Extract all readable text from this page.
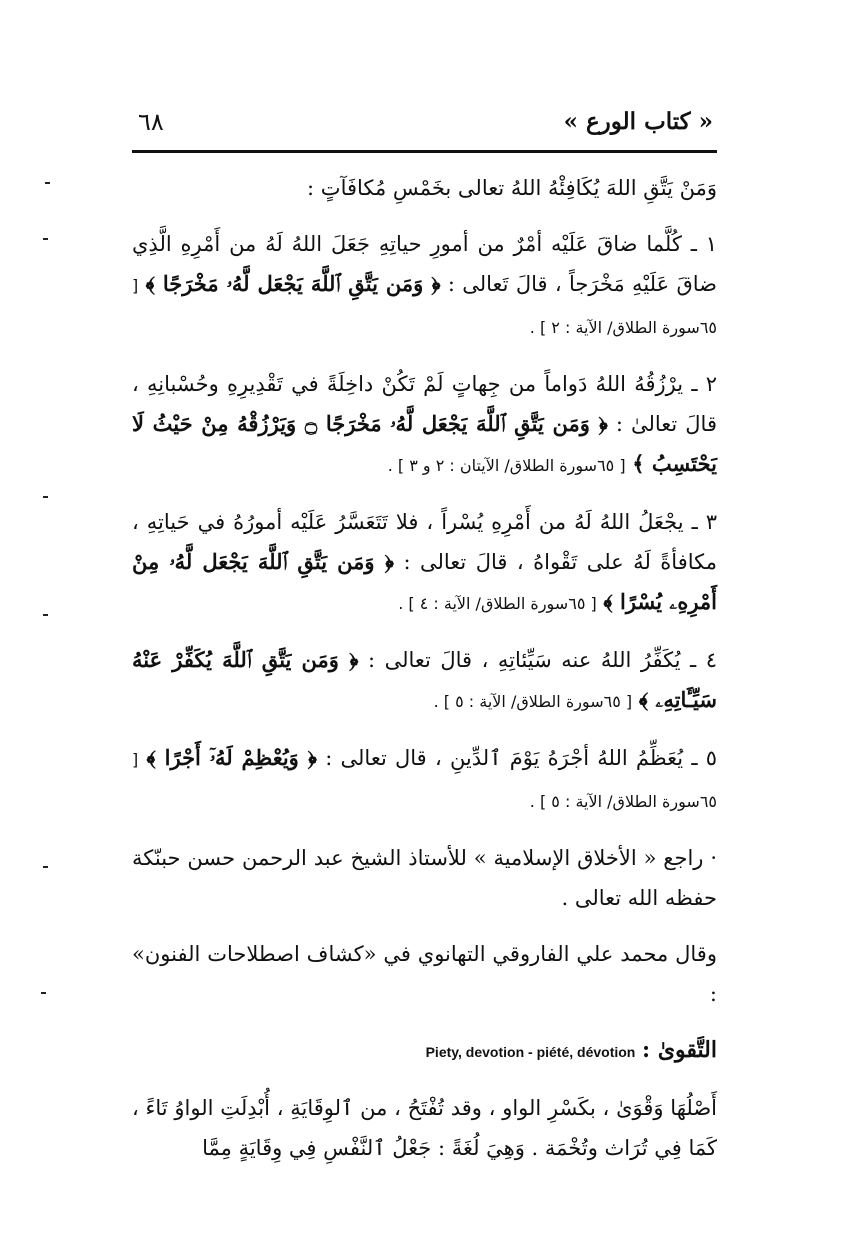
٦٨	« كتاب الورع »

وَمَنْ يَتَّقِ اللهَ يُكَافِئْهُ اللهُ تعالى بخَمْسِ مُكافَآتٍ :

١ ـ كُلَّما ضاقَ عَلَيْه أمْرٌ من أمورِ حياتِهِ جَعَلَ اللهُ لَهُ من أَمْرِهِ الَّذِي ضاقَ عَلَيْهِ مَخْرَجاً ، قالَ تَعالى : ﴿ وَمَن يَتَّقِ ٱللَّهَ يَجْعَل لَّهُۥ مَخْرَجًا ﴾ [ ٦٥سورة الطلاق/ الآية : ٢ ] .

٢ ـ يرْزُقُهُ اللهُ دَواماً من جِهاتٍ لَمْ تَكُنْ داخِلَةً في تَقْدِيرِهِ وحُسْبانِهِ ، قالَ تعالىٰ : ﴿ وَمَن يَتَّقِ ٱللَّهَ يَجْعَل لَّهُۥ مَخْرَجًا ۝ وَيَرْزُقْهُ مِنْ حَيْثُ لَا يَحْتَسِبُ ﴾ [ ٦٥سورة الطلاق/ الآيتان : ٢ و ٣ ] .

٣ ـ يجْعَلُ اللهُ لَهُ من أَمْرِهِ يُسْراً ، فلا تَتَعَسَّرُ عَلَيْه أمورُهُ في حَياتِهِ ، مكافأةً لَهُ على تَقْواهُ ، قالَ تعالى : ﴿ وَمَن يَتَّقِ ٱللَّهَ يَجْعَل لَّهُۥ مِنْ أَمْرِهِۦ يُسْرًا ﴾ [ ٦٥سورة الطلاق/ الآية : ٤ ] .

٤ ـ يُكَفِّرُ اللهُ عنه سَيِّئاتِهِ ، قالَ تعالى : ﴿ وَمَن يَتَّقِ ٱللَّهَ يُكَفِّرْ عَنْهُ سَيِّـَٔاتِهِۦ ﴾ [ ٦٥سورة الطلاق/ الآية : ٥ ] .

٥ ـ يُعَظِّمُ اللهُ أجْرَهُ يَوْمَ ٱلدِّينِ ، قال تعالى : ﴿ وَيُعْظِمْ لَهُۥٓ أَجْرًا ﴾ [ ٦٥سورة الطلاق/ الآية : ٥ ] .

· راجع « الأخلاق الإسلامية » للأستاذ الشيخ عبد الرحمن حسن حبنّكة حفظه الله تعالى .

وقال محمد علي الفاروقي التهانوي في «كشاف اصطلاحات الفنون» :

التَّقوىٰ : Piety, devotion - piété, dévotion

أَصْلُهَا وَقْوَىٰ ، بكَسْرِ الواو ، وقد تُفْتَحُ ، من ٱلوِقَايَةِ ، أُبْدِلَتِ الواوُ تَاءً ، كَمَا فِي تُرَاث وتُخْمَة . وَهِيَ لُغَةً : جَعْلُ ٱلنَّفْسِ فِي وِقَايَةٍ مِمَّا
